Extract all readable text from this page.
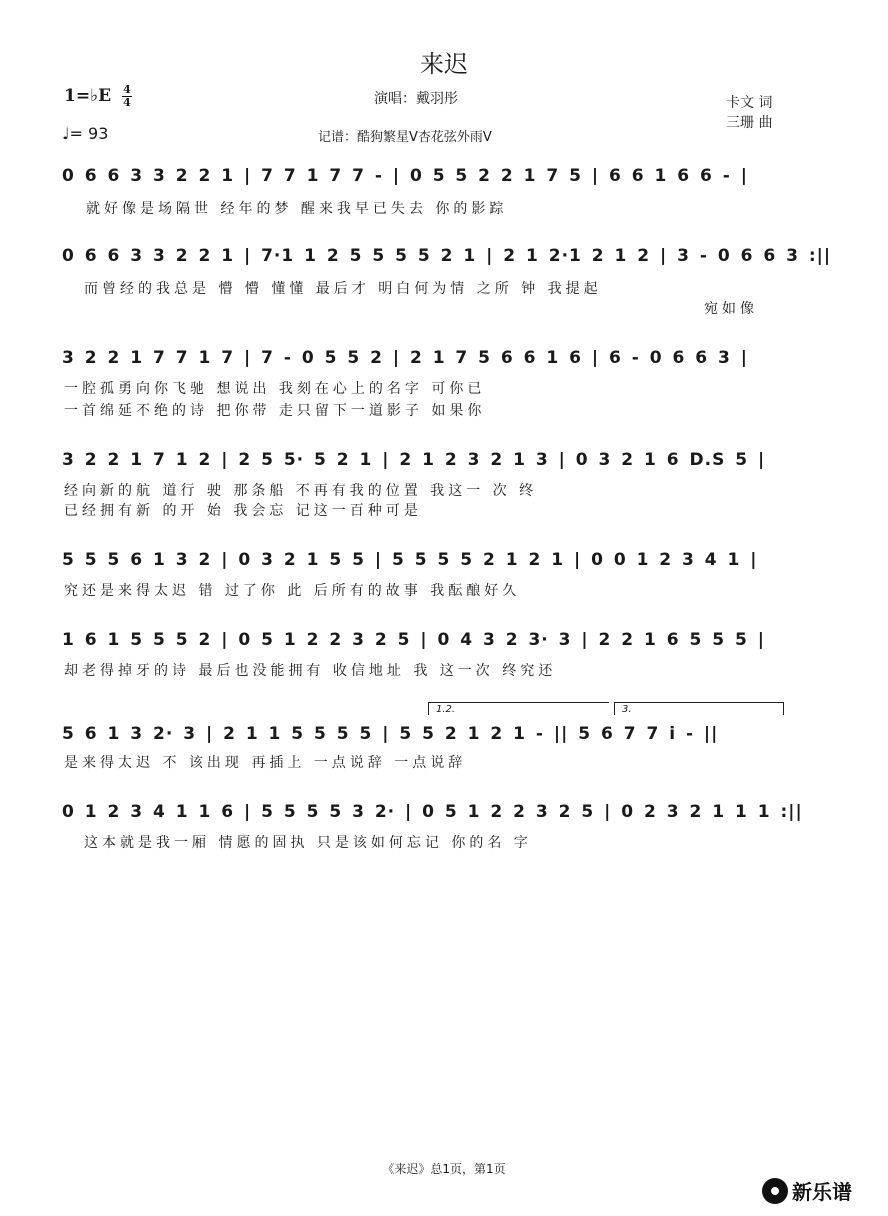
来迟
1=♭E 4
4
♩= 93
演唱：戴羽彤
记谱：酷狗繁星V杏花弦外雨V
卡文 词
三珊 曲
0 6 6 3 3 2 2 1 | 7 7 1 7 7 - | 0 5 5 2 2 1 7 5 | 6 6 1 6 6 - |
就好像是场隔世 经年的梦 醒来我早已失去 你的影踪
0 6 6 3 3 2 2 1 | 7·1 1 2 5 5 5 5 2 1 | 2 1 2·1 2 1 2 | 3 - 0 6 6 3 :||
而曾经的我总是 懵 懵 懂懂 最后才 明白何为情 之所 钟 我提起
宛如像
3 2 2 1 7 7 1 7 | 7 - 0 5 5 2 | 2 1 7 5 6 6 1 6 | 6 - 0 6 6 3 |
一腔孤勇向你飞驰 想说出 我刻在心上的名字 可你已
一首绵延不绝的诗 把你带 走只留下一道影子 如果你
3 2 2 1 7 1 2 | 2 5 5· 5 2 1 | 2 1 2 3 2 1 3 | 0 3 2 1 6 D.S 5 |
经向新的航 道行 驶 那条船 不再有我的位置 我这一 次 终
已经拥有新 的开 始 我会忘 记这一百种可是
5 5 5 6 1 3 2 | 0 3 2 1 5 5 | 5 5 5 5 2 1 2 1 | 0 0 1 2 3 4 1 |
究还是来得太迟 错 过了你 此 后所有的故事 我酝酿好久
1 6 1 5 5 5 2 | 0 5 1 2 2 3 2 5 | 0 4 3 2 3· 3 | 2 2 1 6 5 5 5 |
却老得掉牙的诗 最后也没能拥有 收信地址 我 这一次 终究还
1.2.	3.
5 6 1 3 2· 3 | 2 1 1 5 5 5 5 | 5 5 2 1 2 1 - || 5 6 7 7 i - ||
是来得太迟 不 该出现 再插上 一点说辞 一点说辞
0 1 2 3 4 1 1 6 | 5 5 5 5 3 2· | 0 5 1 2 2 3 2 5 | 0 2 3 2 1 1 1 :||
这本就是我一厢 情愿的固执 只是该如何忘记 你的名 字
《来迟》总1页，第1页
新乐谱
